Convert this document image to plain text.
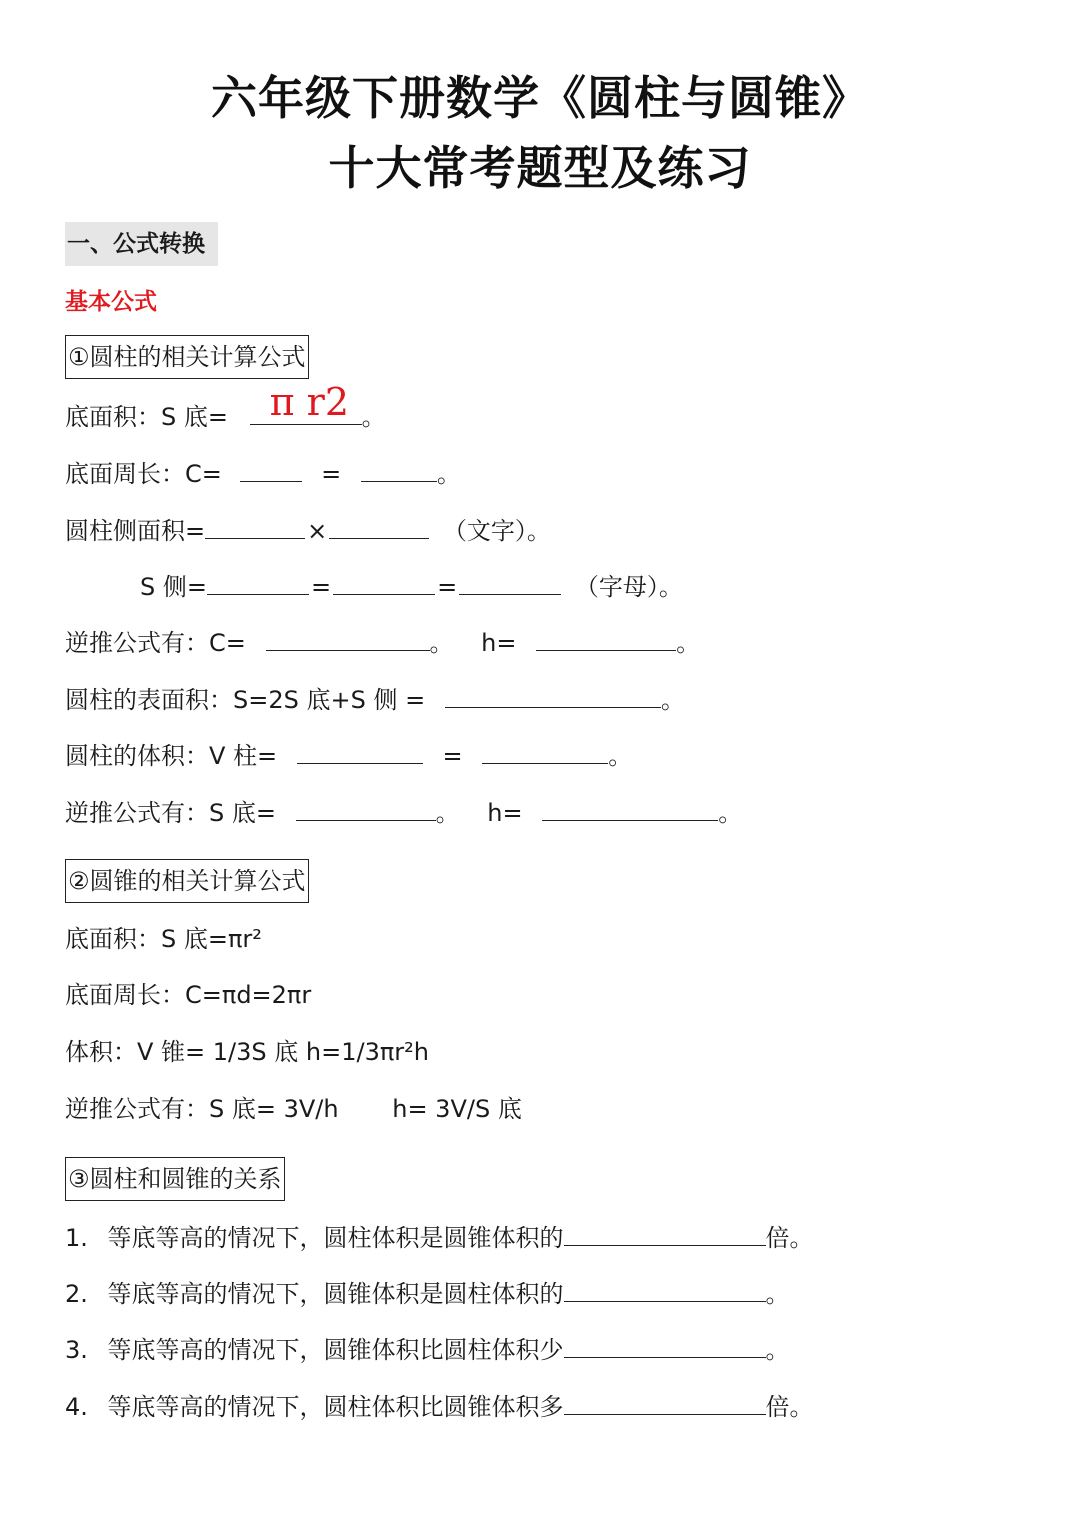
六年级下册数学《圆柱与圆锥》
十大常考题型及练习
一、公式转换
基本公式
①圆柱的相关计算公式
底面积：S 底= π r2 。
底面周长：C=	=	。
圆柱侧面积=	×	（文字）。
S 侧=	=	=	（字母）。
逆推公式有：C=	。 h=	。
圆柱的表面积：S=2S 底+S 侧 =	。
圆柱的体积：V 柱=	=	。
逆推公式有：S 底=	。 h=	。
②圆锥的相关计算公式
底面积：S 底=πr²
底面周长：C=πd=2πr
体积：V 锥= 1/3S 底 h=1/3πr²h
逆推公式有：S 底= 3V/h h= 3V/S 底
③圆柱和圆锥的关系
1. 等底等高的情况下，圆柱体积是圆锥体积的	倍。
2. 等底等高的情况下，圆锥体积是圆柱体积的	。
3. 等底等高的情况下，圆锥体积比圆柱体积少	。
4. 等底等高的情况下，圆柱体积比圆锥体积多	倍。
